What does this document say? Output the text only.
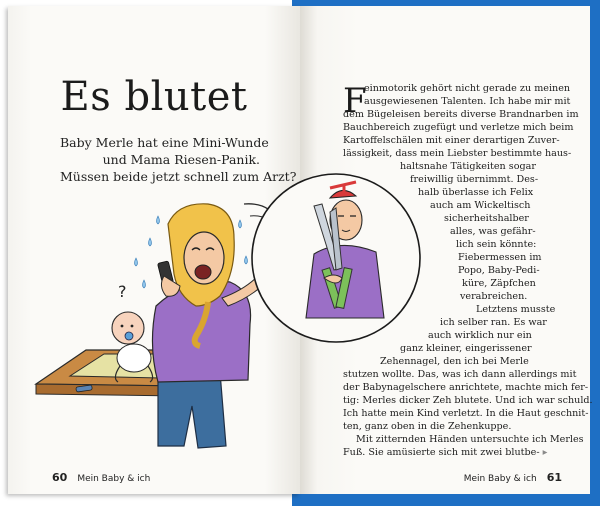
Es blutet
Baby Merle hat eine Mini-Wunde
und Mama Riesen-Panik.
Müssen beide jetzt schnell zum Arzt?
?
60 Mein Baby & ich
F
einmotorik gehört nicht gerade zu meinen
ausgewiesenen Talenten. Ich habe mir mit
dem Bügeleisen bereits diverse Brandnarben im
Bauchbereich zugefügt und verletze mich beim
Kartoffelschälen mit einer derartigen Zuver-
lässigkeit, dass mein Liebster bestimmte haus-
haltsnahe Tätigkeiten sogar
freiwillig übernimmt. Des-
halb überlasse ich Felix
auch am Wickeltisch
sicherheitshalber
alles, was gefähr-
lich sein könnte:
Fiebermessen im
Popo, Baby-Pedi-
küre, Zäpfchen
verabreichen.
Letztens musste
ich selber ran. Es war
auch wirklich nur ein
ganz kleiner, eingerissener
Zehennagel, den ich bei Merle
stutzen wollte. Das, was ich dann allerdings mit
der Babynagelschere anrichtete, machte mich fer-
tig: Merles dicker Zeh blutete. Und ich war schuld.
Ich hatte mein Kind verletzt. In die Haut geschnit-
ten, ganz oben in die Zehenkuppe.
Mit zitternden Händen untersuchte ich Merles
Fuß. Sie amüsierte sich mit zwei blutbe- ▸
Mein Baby & ich 61
